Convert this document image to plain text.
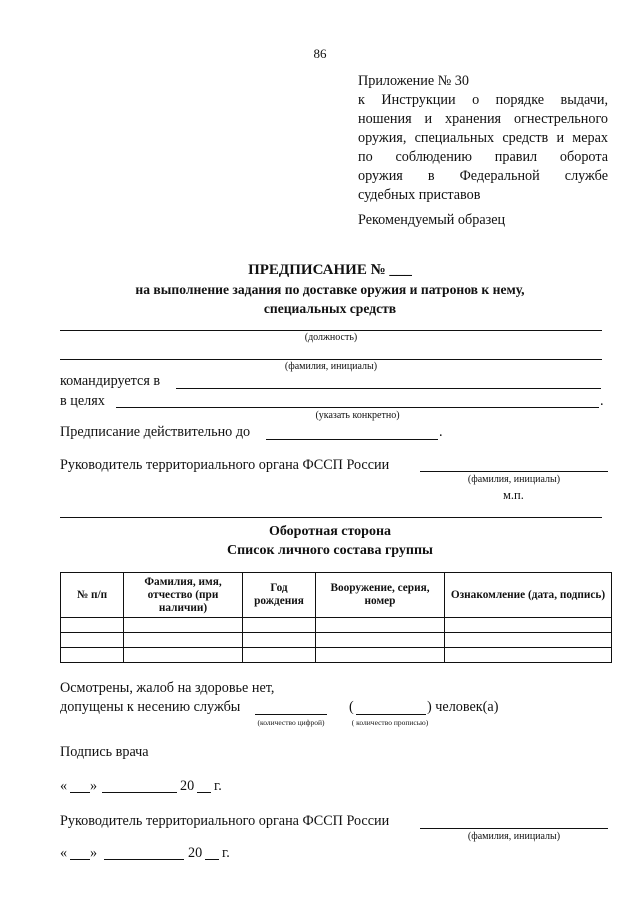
86
Приложение № 30
к Инструкции о порядке выдачи,
ношения и хранения огнестрельного
оружия, специальных средств и мерах
по соблюдению правил оборота
оружия в Федеральной службе
судебных приставов
Рекомендуемый образец
ПРЕДПИСАНИЕ № ___
на выполнение задания по доставке оружия и патронов к нему,
специальных средств
(должность)
(фамилия, инициалы)
командируется в
в целях	.
(указать конкретно)
Предписание действительно до	.
Руководитель территориального органа ФССП России
(фамилия, инициалы)
м.п.
Оборотная сторона
Список личного состава группы
№ п/п	Фамилия, имя, отчество (при наличии)	Год рождения	Вооружение, серия, номер	Ознакомление (дата, подпись)

Осмотрены, жалоб на здоровье нет,
допущены к несению службы
(количество цифрой)
(	) человек(а)
( количество прописью)
Подпись врача
« »	20 г.
Руководитель территориального органа ФССП России
(фамилия, инициалы)
« »	20 г.
